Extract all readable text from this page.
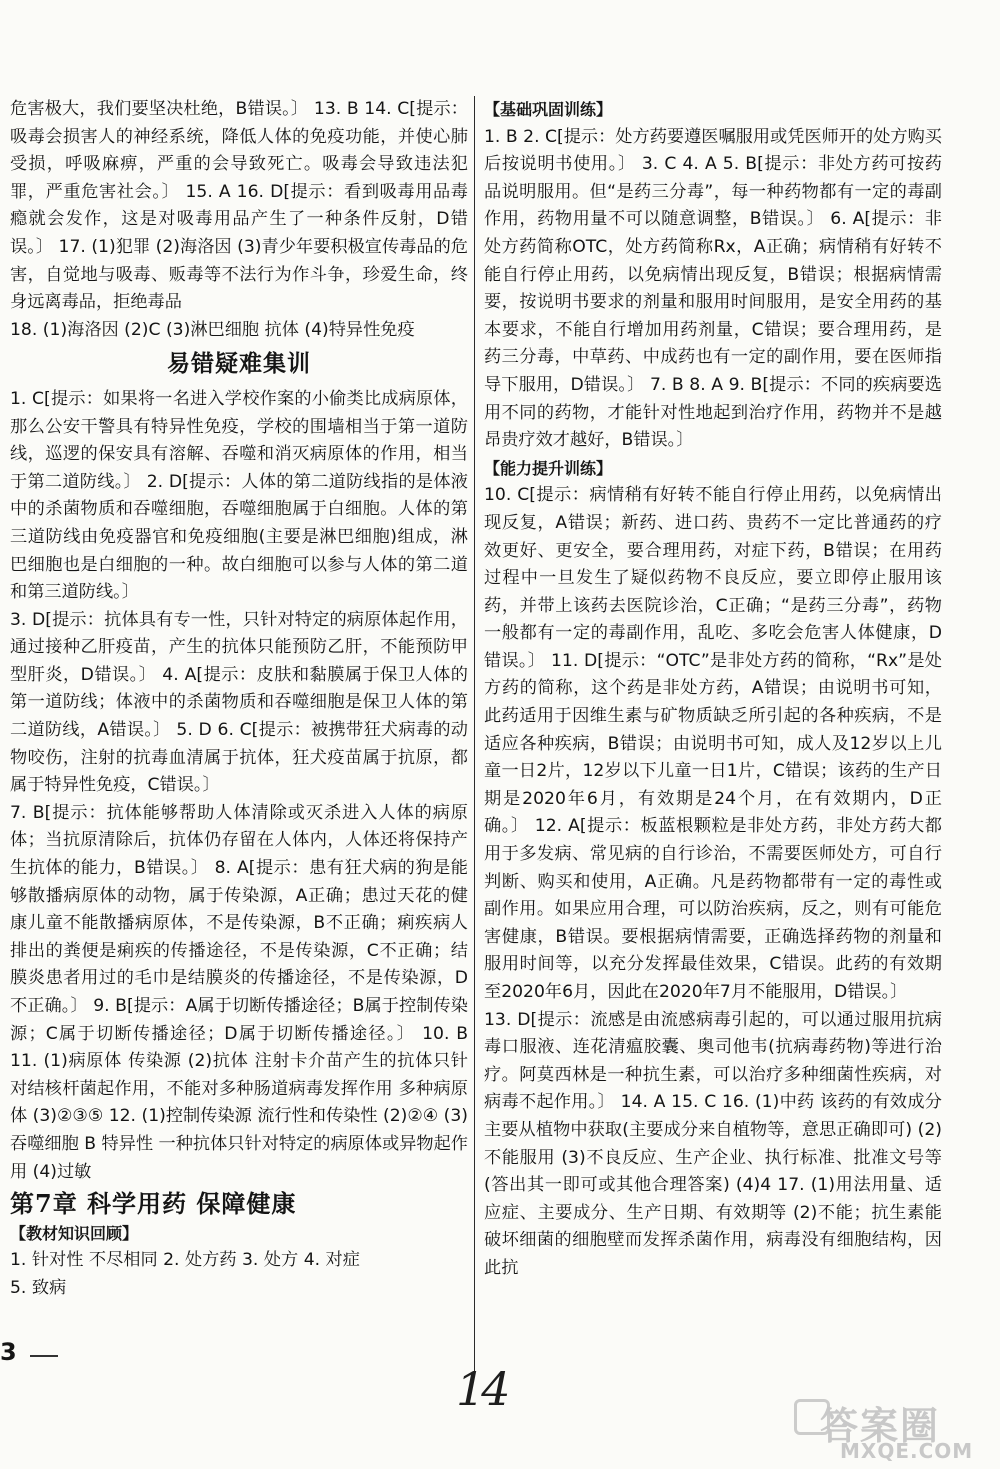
危害极大，我们要坚决杜绝，B错误。〕 13. B 14. C[提示：吸毒会损害人的神经系统，降低人体的免疫功能，并使心肺受损，呼吸麻痹，严重的会导致死亡。吸毒会导致违法犯罪，严重危害社会。〕 15. A 16. D[提示：看到吸毒用品毒瘾就会发作，这是对吸毒用品产生了一种条件反射，D错误。〕 17. (1)犯罪 (2)海洛因 (3)青少年要积极宣传毒品的危害，自觉地与吸毒、贩毒等不法行为作斗争，珍爱生命，终身远离毒品，拒绝毒品

18. (1)海洛因 (2)C (3)淋巴细胞 抗体 (4)特异性免疫

易错疑难集训

1. C[提示：如果将一名进入学校作案的小偷类比成病原体，那么公安干警具有特异性免疫，学校的围墙相当于第一道防线，巡逻的保安具有溶解、吞噬和消灭病原体的作用，相当于第二道防线。〕 2. D[提示：人体的第二道防线指的是体液中的杀菌物质和吞噬细胞，吞噬细胞属于白细胞。人体的第三道防线由免疫器官和免疫细胞(主要是淋巴细胞)组成，淋巴细胞也是白细胞的一种。故白细胞可以参与人体的第二道和第三道防线。〕

3. D[提示：抗体具有专一性，只针对特定的病原体起作用，通过接种乙肝疫苗，产生的抗体只能预防乙肝，不能预防甲型肝炎，D错误。〕 4. A[提示：皮肤和黏膜属于保卫人体的第一道防线；体液中的杀菌物质和吞噬细胞是保卫人体的第二道防线，A错误。〕 5. D 6. C[提示：被携带狂犬病毒的动物咬伤，注射的抗毒血清属于抗体，狂犬疫苗属于抗原，都属于特异性免疫，C错误。〕

7. B[提示：抗体能够帮助人体清除或灭杀进入人体的病原体；当抗原清除后，抗体仍存留在人体内，人体还将保持产生抗体的能力，B错误。〕 8. A[提示：患有狂犬病的狗是能够散播病原体的动物，属于传染源，A正确；患过天花的健康儿童不能散播病原体，不是传染源，B不正确；痢疾病人排出的粪便是痢疾的传播途径，不是传染源，C不正确；结膜炎患者用过的毛巾是结膜炎的传播途径，不是传染源，D不正确。〕 9. B[提示：A属于切断传播途径；B属于控制传染源；C属于切断传播途径；D属于切断传播途径。〕 10. B 11. (1)病原体 传染源 (2)抗体 注射卡介苗产生的抗体只针对结核杆菌起作用，不能对多种肠道病毒发挥作用 多种病原体 (3)②③⑤ 12. (1)控制传染源 流行性和传染性 (2)②④ (3)吞噬细胞 B 特异性 一种抗体只针对特定的病原体或异物起作用 (4)过敏

第7章 科学用药 保障健康

【教材知识回顾】

1. 针对性 不尽相同 2. 处方药 3. 处方 4. 对症

5. 致病

【基础巩固训练】

1. B 2. C[提示：处方药要遵医嘱服用或凭医师开的处方购买后按说明书使用。〕 3. C 4. A 5. B[提示：非处方药可按药品说明服用。但“是药三分毒”，每一种药物都有一定的毒副作用，药物用量不可以随意调整，B错误。〕 6. A[提示：非处方药简称OTC，处方药简称Rx，A正确；病情稍有好转不能自行停止用药，以免病情出现反复，B错误；根据病情需要，按说明书要求的剂量和服用时间服用，是安全用药的基本要求，不能自行增加用药剂量，C错误；要合理用药，是药三分毒，中草药、中成药也有一定的副作用，要在医师指导下服用，D错误。〕 7. B 8. A 9. B[提示：不同的疾病要选用不同的药物，才能针对性地起到治疗作用，药物并不是越昂贵疗效才越好，B错误。〕

【能力提升训练】

10. C[提示：病情稍有好转不能自行停止用药，以免病情出现反复，A错误；新药、进口药、贵药不一定比普通药的疗效更好、更安全，要合理用药，对症下药，B错误；在用药过程中一旦发生了疑似药物不良反应，要立即停止服用该药，并带上该药去医院诊治，C正确；“是药三分毒”，药物一般都有一定的毒副作用，乱吃、多吃会危害人体健康，D错误。〕 11. D[提示：“OTC”是非处方药的简称，“Rx”是处方药的简称，这个药是非处方药，A错误；由说明书可知，此药适用于因维生素与矿物质缺乏所引起的各种疾病，不是适应各种疾病，B错误；由说明书可知，成人及12岁以上儿童一日2片，12岁以下儿童一日1片，C错误；该药的生产日期是2020年6月，有效期是24个月，在有效期内，D正确。〕 12. A[提示：板蓝根颗粒是非处方药，非处方药大都用于多发病、常见病的自行诊治，不需要医师处方，可自行判断、购买和使用，A正确。凡是药物都带有一定的毒性或副作用。如果应用合理，可以防治疾病，反之，则有可能危害健康，B错误。要根据病情需要，正确选择药物的剂量和服用时间等，以充分发挥最佳效果，C错误。此药的有效期至2020年6月，因此在2020年7月不能服用，D错误。〕

13. D[提示：流感是由流感病毒引起的，可以通过服用抗病毒口服液、连花清瘟胶囊、奥司他韦(抗病毒药物)等进行治疗。阿莫西林是一种抗生素，可以治疗多种细菌性疾病，对病毒不起作用。〕 14. A 15. C 16. (1)中药 该药的有效成分主要从植物中获取(主要成分来自植物等，意思正确即可) (2)不能服用 (3)不良反应、生产企业、执行标准、批准文号等(答出其一即可或其他合理答案) (4)4 17. (1)用法用量、适应症、主要成分、生产日期、有效期等 (2)不能；抗生素能破坏细菌的细胞壁而发挥杀菌作用，病毒没有细胞结构，因此抗

3
14
答案圈
MXQE.COM
